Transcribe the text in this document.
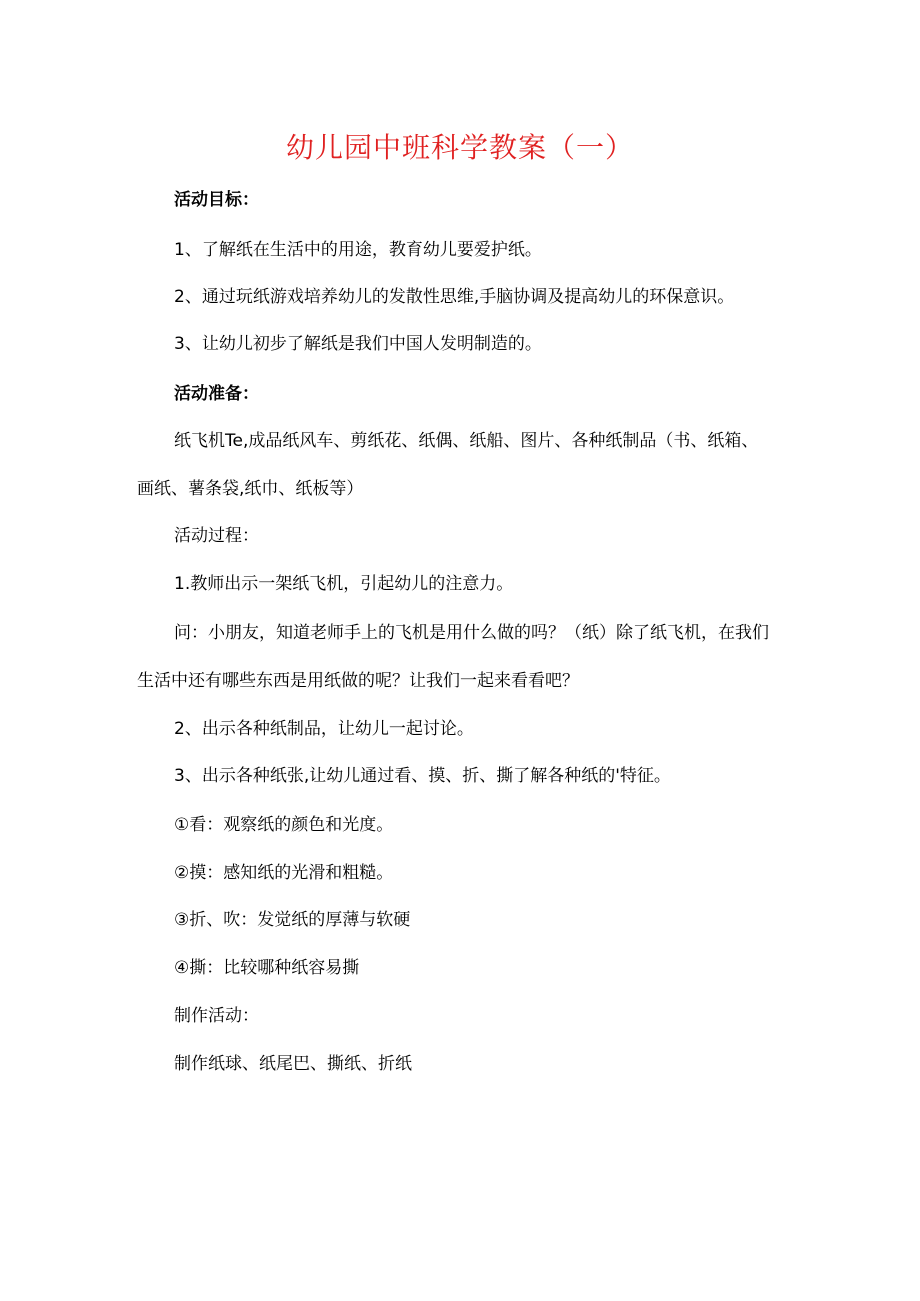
幼儿园中班科学教案（一）
活动目标：
1、了解纸在生活中的用途，教育幼儿要爱护纸。
2、通过玩纸游戏培养幼儿的发散性思维,手脑协调及提高幼儿的环保意识。
3、让幼儿初步了解纸是我们中国人发明制造的。
活动准备：
纸飞机Te,成品纸风车、剪纸花、纸偶、纸船、图片、各种纸制品（书、纸箱、
画纸、薯条袋,纸巾、纸板等）
活动过程：
1.教师出示一架纸飞机，引起幼儿的注意力。
问：小朋友，知道老师手上的飞机是用什么做的吗？（纸）除了纸飞机，在我们
生活中还有哪些东西是用纸做的呢？让我们一起来看看吧？
2、出示各种纸制品，让幼儿一起讨论。
3、出示各种纸张,让幼儿通过看、摸、折、撕了解各种纸的'特征。
①看：观察纸的颜色和光度。
②摸：感知纸的光滑和粗糙。
③折、吹：发觉纸的厚薄与软硬
④撕：比较哪种纸容易撕
制作活动：
制作纸球、纸尾巴、撕纸、折纸
